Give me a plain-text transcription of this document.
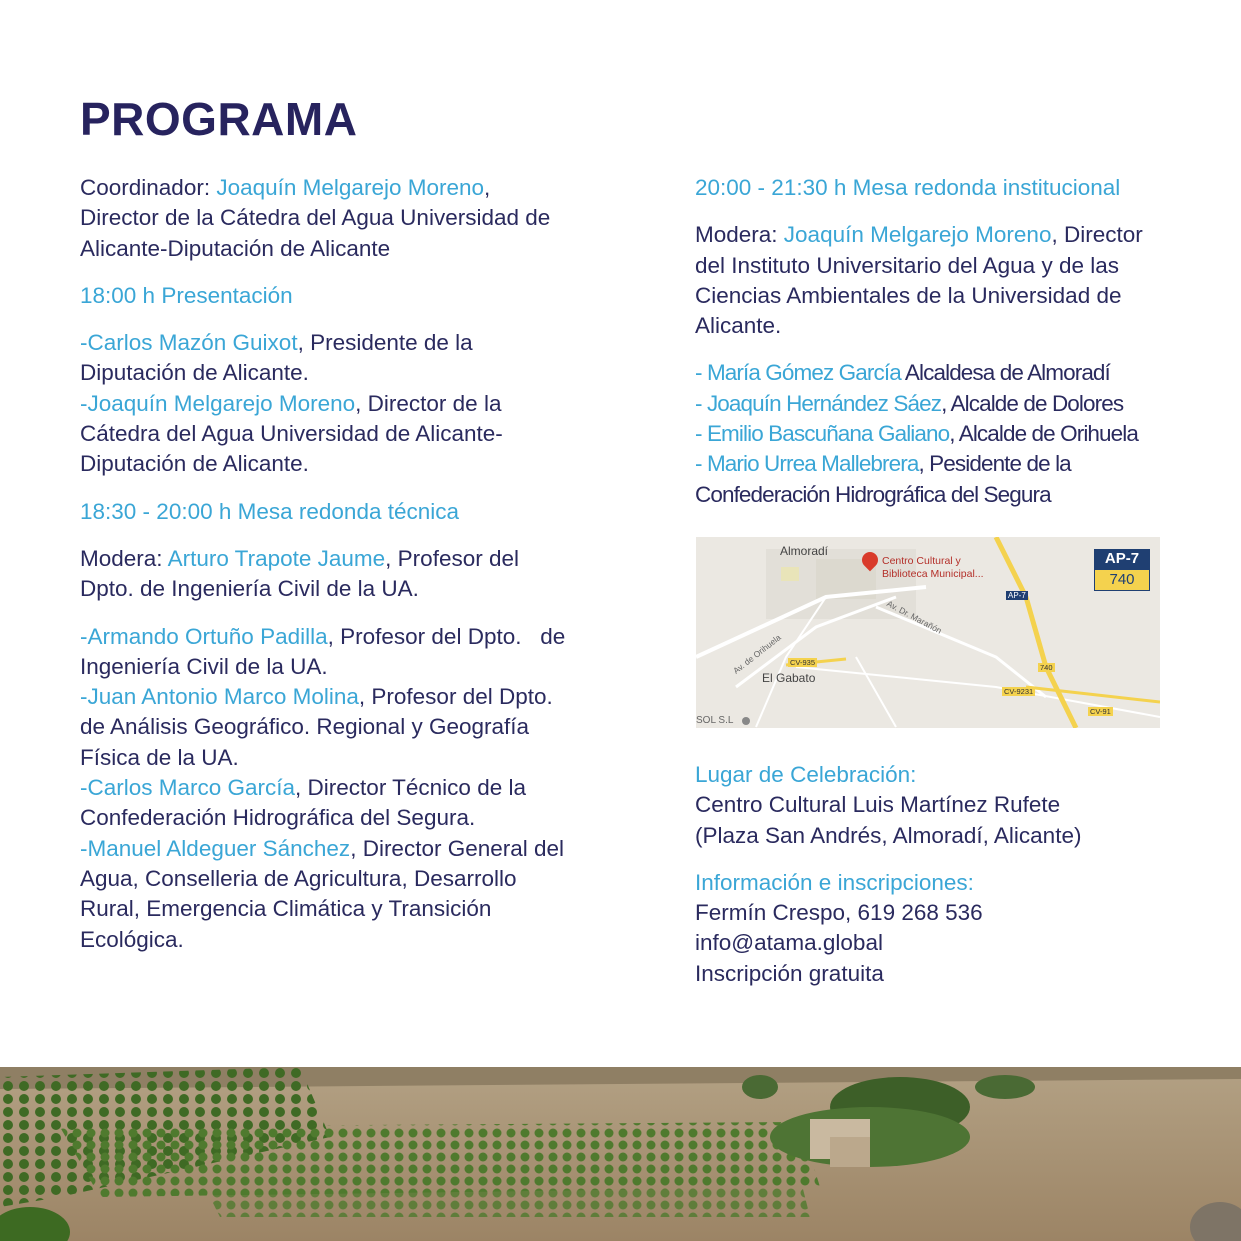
PROGRAMA

Coordinador: Joaquín Melgarejo Moreno, Director de la Cátedra del Agua Universidad de Alicante-Diputación de Alicante

18:00 h Presentación

-Carlos Mazón Guixot, Presidente de la Diputación de Alicante.

-Joaquín Melgarejo Moreno, Director de la Cátedra del Agua Universidad de Alicante-Diputación de Alicante.

18:30 - 20:00 h Mesa redonda técnica

Modera: Arturo Trapote Jaume, Profesor del Dpto. de Ingeniería Civil de la UA.

-Armando Ortuño Padilla, Profesor del Dpto.   de Ingeniería Civil de la UA.

-Juan Antonio Marco Molina, Profesor del Dpto. de Análisis Geográfico. Regional y Geografía Física de la UA.

-Carlos Marco García, Director Técnico de la Confederación Hidrográfica del Segura.

-Manuel Aldeguer Sánchez, Director General del Agua, Conselleria de Agricultura, Desarrollo Rural, Emergencia Climática y Transición Ecológica.

20:00 - 21:30 h Mesa redonda institucional

Modera: Joaquín Melgarejo Moreno, Director del Instituto Universitario del Agua y de las Ciencias Ambientales de la Universidad de Alicante.

- María Gómez García Alcaldesa de Almoradí

- Joaquín Hernández Sáez, Alcalde de Dolores

- Emilio Bascuñana Galiano, Alcalde de Orihuela

- Mario Urrea Mallebrera, Pesidente de la Confederación Hidrográfica del Segura

Lugar de Celebración:

Centro Cultural Luis Martínez Rufete

(Plaza San Andrés, Almoradí, Alicante)

Información e inscripciones:

Fermín Crespo, 619 268 536

info@atama.global

Inscripción gratuita

Almoradí
El Gabato
Centro Cultural y
Biblioteca Municipal...
AP-7
740
AP-7
Av. de Orihuela
Av. Dr. Marañón
CV-935
740
CV-9231
CV-91
SOL S.L
